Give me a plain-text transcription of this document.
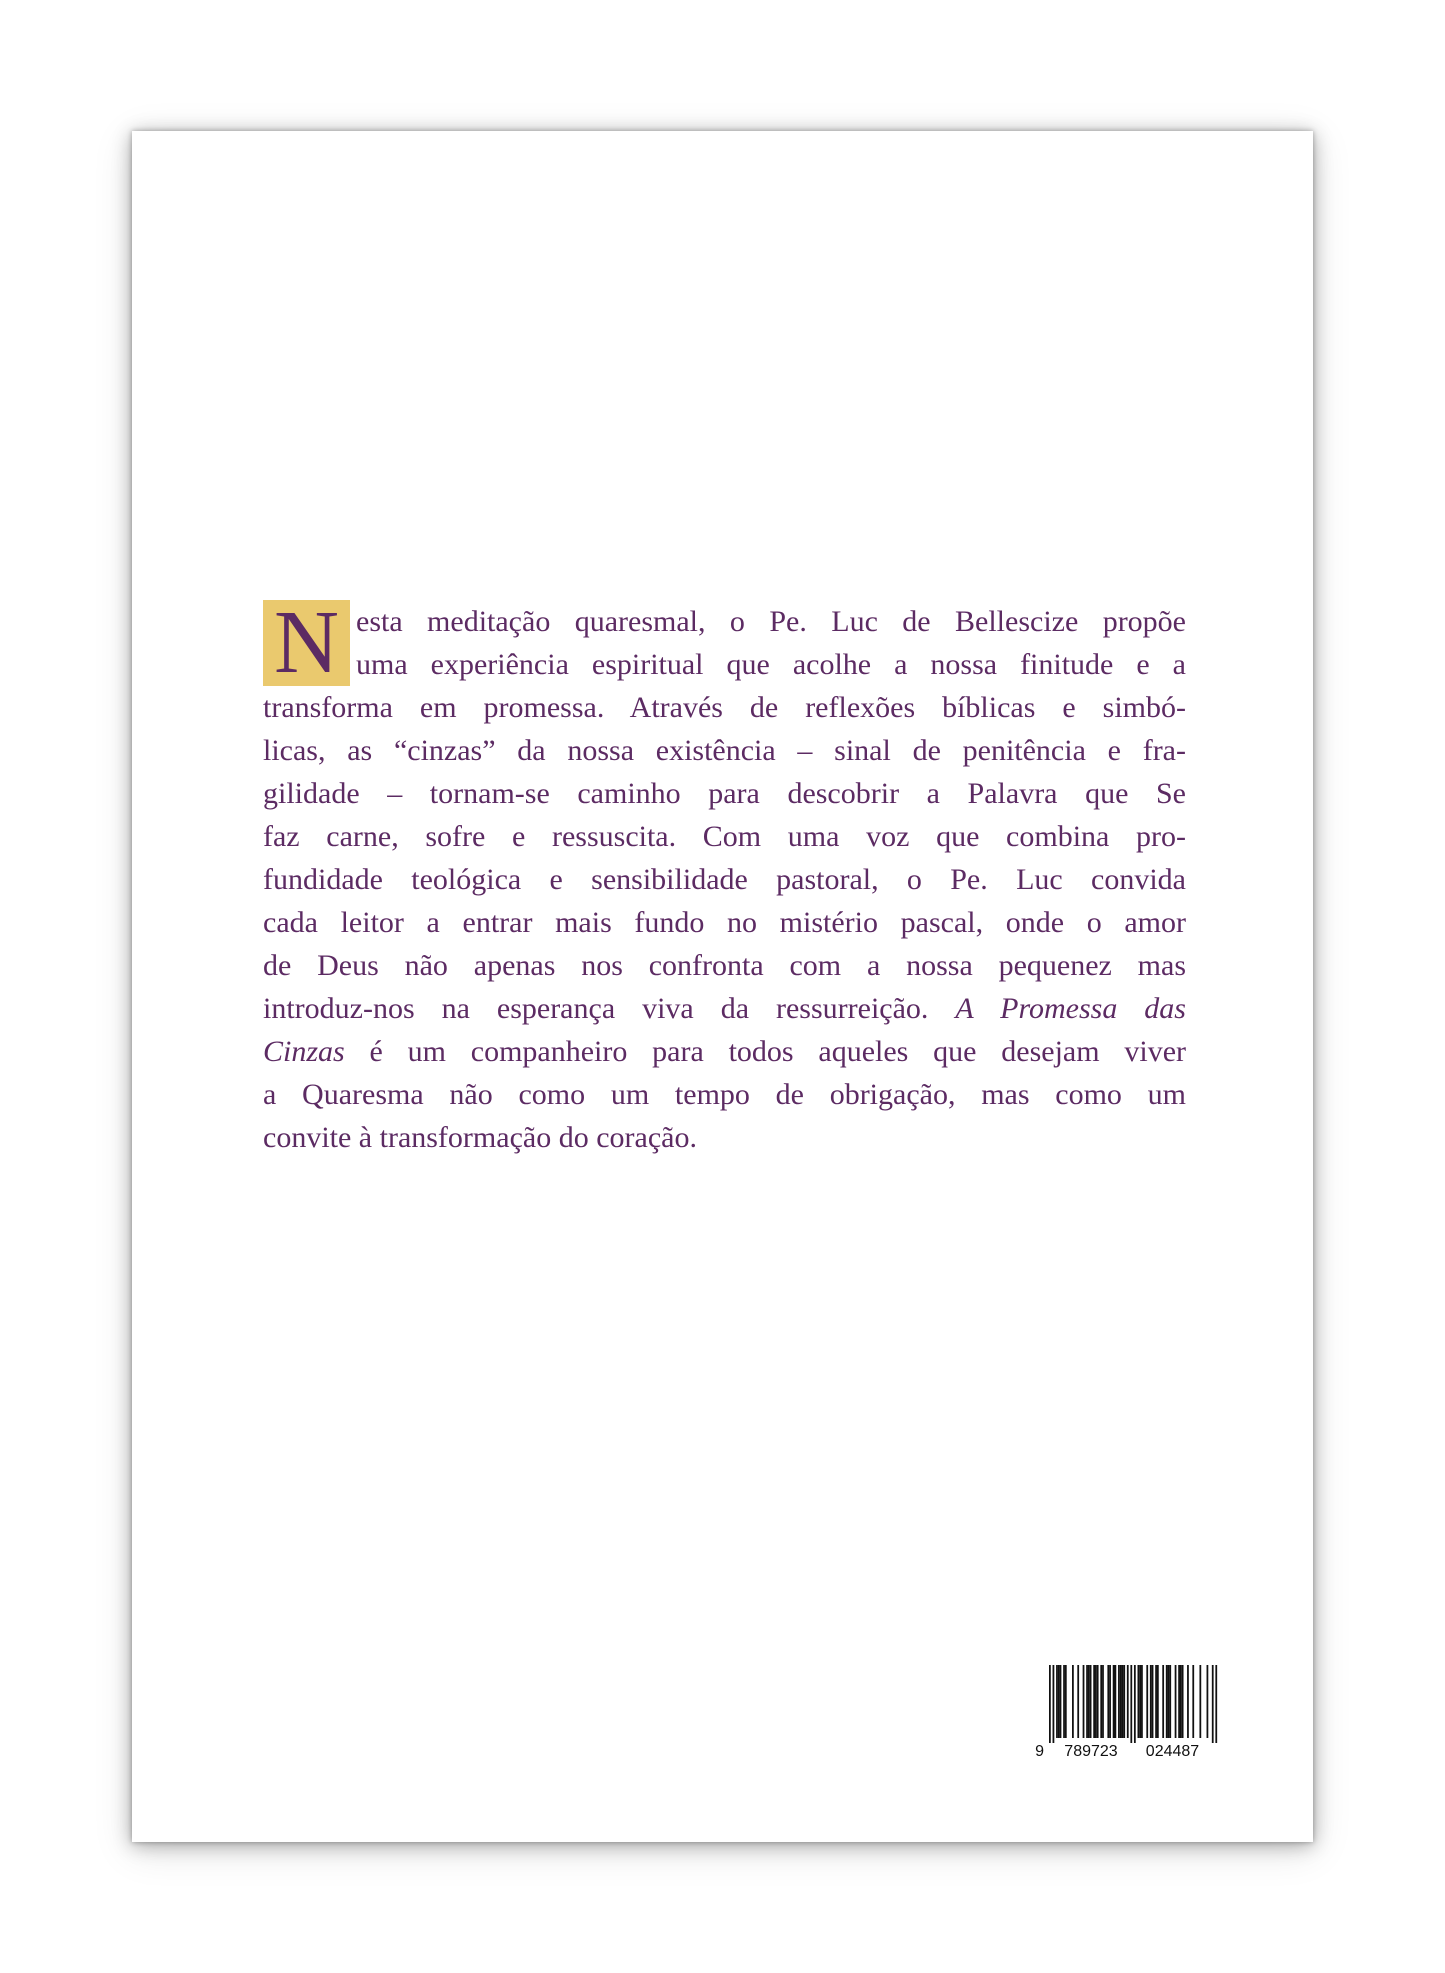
N esta meditação quaresmal, o Pe. Luc de Bellescize propõe
uma experiência espiritual que acolhe a nossa finitude e a
transforma em promessa. Através de reflexões bíblicas e simbó-
licas, as “cinzas” da nossa existência – sinal de penitência e fra-
gilidade – tornam-se caminho para descobrir a Palavra que Se
faz carne, sofre e ressuscita. Com uma voz que combina pro-
fundidade teológica e sensibilidade pastoral, o Pe. Luc convida
cada leitor a entrar mais fundo no mistério pascal, onde o amor
de Deus não apenas nos confronta com a nossa pequenez mas
introduz-nos na esperança viva da ressurreição. A Promessa das
Cinzas é um companheiro para todos aqueles que desejam viver
a Quaresma não como um tempo de obrigação, mas como um
convite à transformação do coração.
9 789723 024487
